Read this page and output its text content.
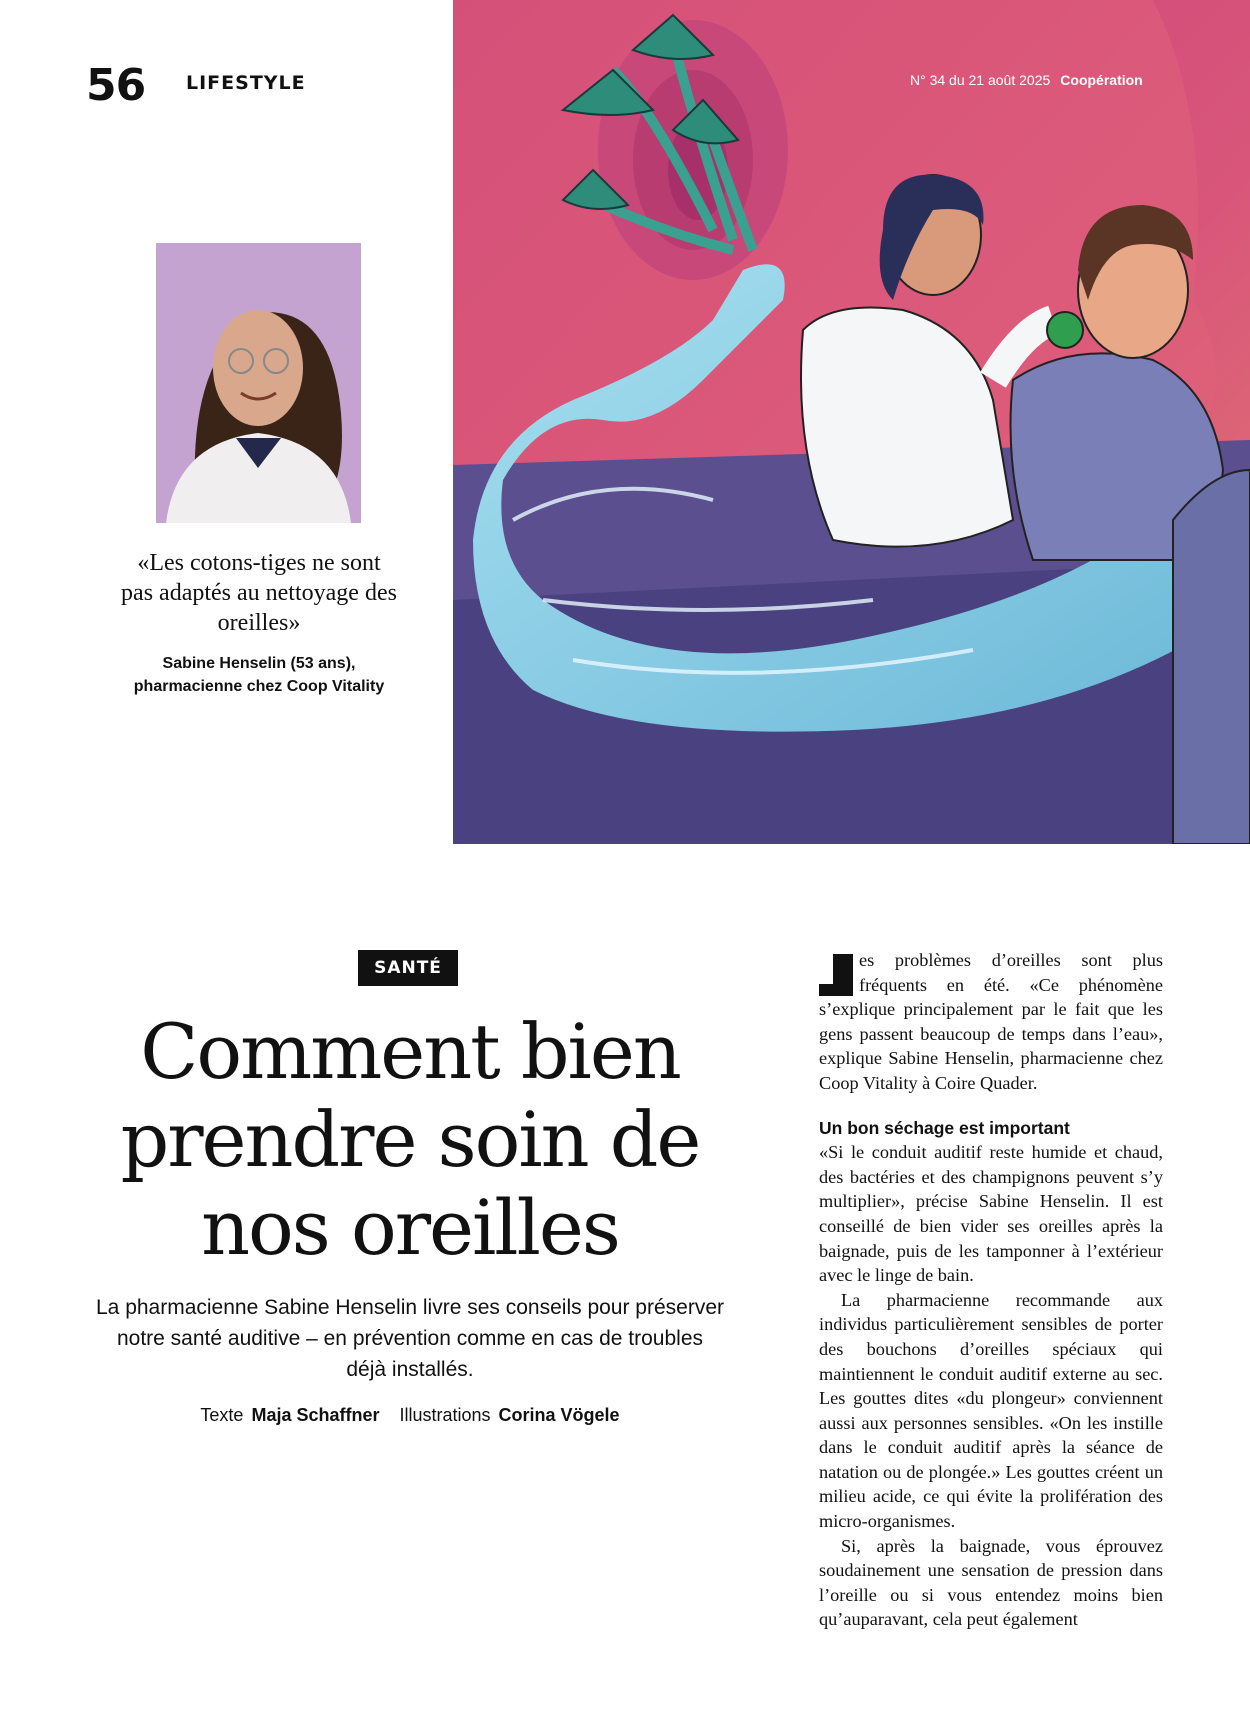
56 LIFESTYLE	N° 34 du 21 août 2025 Coopération
«Les cotons-tiges ne sont pas adaptés au nettoyage des oreilles»
Sabine Henselin (53 ans),
pharmacienne chez Coop Vitality
SANTÉ
Comment bien prendre soin de nos oreilles
La pharmacienne Sabine Henselin livre ses conseils pour préserver notre santé auditive – en prévention comme en cas de troubles déjà installés.
Texte Maja Schaffner Illustrations Corina Vögele

es problèmes d’oreilles sont plus fréquents en été. «Ce phénomène s’explique principalement par le fait que les gens passent beaucoup de temps dans l’eau», explique Sabine Henselin, pharmacienne chez Coop Vitality à Coire Quader.

Un bon séchage est important

«Si le conduit auditif reste humide et chaud, des bactéries et des champignons peuvent s’y multiplier», précise Sabine Henselin. Il est conseillé de bien vider ses oreilles après la baignade, puis de les tamponner à l’extérieur avec le linge de bain.

La pharmacienne recommande aux individus particulièrement sensibles de porter des bouchons d’oreilles spéciaux qui maintiennent le conduit auditif externe au sec. Les gouttes dites «du plongeur» conviennent aussi aux personnes sensibles. «On les instille dans le conduit auditif après la séance de natation ou de plongée.» Les gouttes créent un milieu acide, ce qui évite la prolifération des micro-organismes.

Si, après la baignade, vous éprouvez soudainement une sensation de pression dans l’oreille ou si vous entendez moins bien qu’auparavant, cela peut également
